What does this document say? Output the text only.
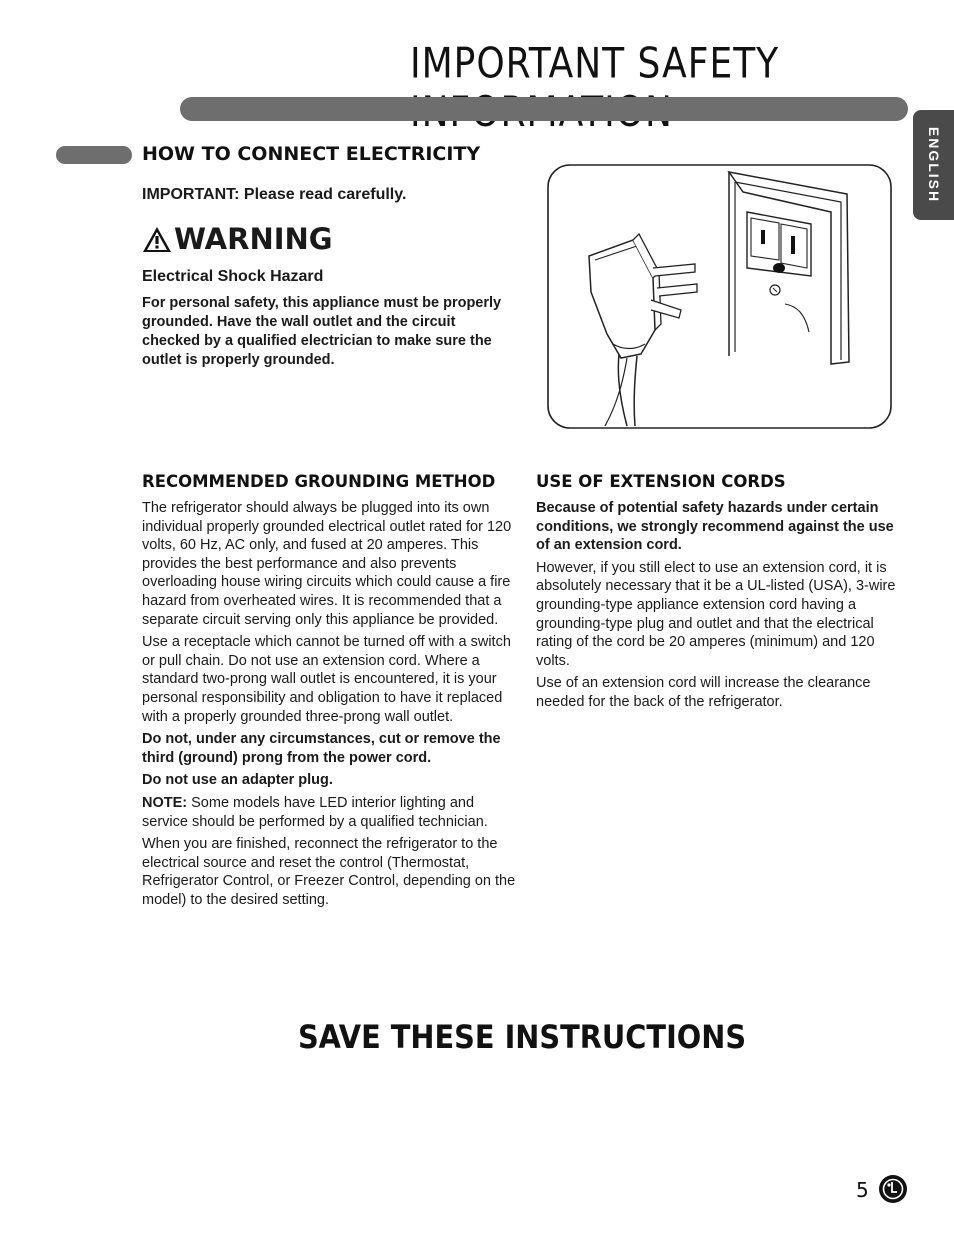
IMPORTANT SAFETY
ENGLISH
HOW TO CONNECT ELECTRICITY
IMPORTANT: Please read carefully.
WARNING
Electrical Shock Hazard
For personal safety, this appliance must be properly grounded. Have the wall outlet and the circuit checked by a qualified electrician to make sure the outlet is properly grounded.
RECOMMENDED GROUNDING METHOD USE OF EXTENSION CORDS

The refrigerator should always be plugged into its own individual properly grounded electrical outlet rated for 120 volts, 60 Hz, AC only, and fused at 20 amperes. This provides the best performance and also prevents overloading house wiring circuits which could cause a fire hazard from overheated wires. It is recommended that a separate circuit serving only this appliance be provided.

Use a receptacle which cannot be turned off with a switch or pull chain. Do not use an extension cord. Where a standard two-prong wall outlet is encountered, it is your personal responsibility and obligation to have it replaced with a properly grounded three-prong wall outlet.

Do not, under any circumstances, cut or remove the third (ground) prong from the power cord.

Do not use an adapter plug.

NOTE: Some models have LED interior lighting and service should be performed by a qualified technician.

When you are finished, reconnect the refrigerator to the electrical source and reset the control (Thermostat, Refrigerator Control, or Freezer Control, depending on the model) to the desired setting.

Because of potential safety hazards under certain conditions, we strongly recommend against the use of an extension cord.

However, if you still elect to use an extension cord, it is absolutely necessary that it be a UL-listed (USA), 3-wire grounding-type appliance extension cord having a grounding-type plug and outlet and that the electrical rating of the cord be 20 amperes (minimum) and 120 volts.

Use of an extension cord will increase the clearance needed for the back of the refrigerator.

SAVE THESE INSTRUCTIONS
5
